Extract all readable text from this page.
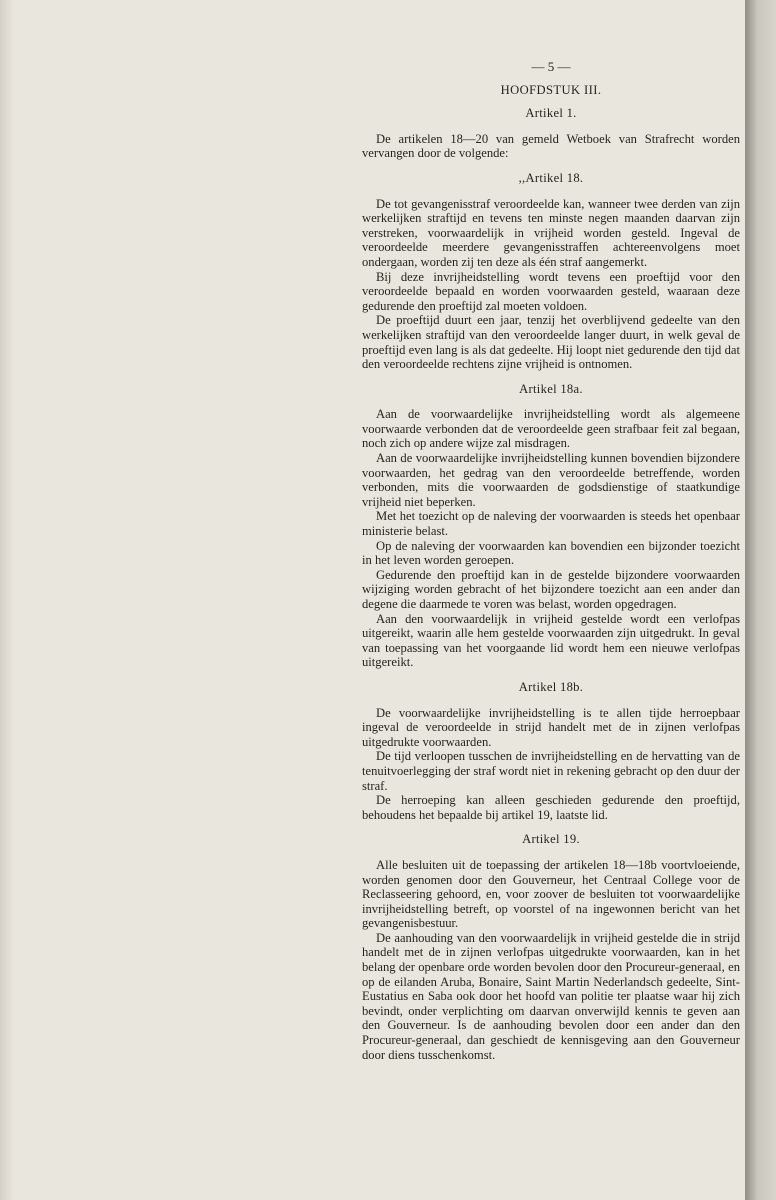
— 5 —
HOOFDSTUK III.
Artikel 1.

De artikelen 18—20 van gemeld Wetboek van Strafrecht worden vervangen door de volgende:

,,Artikel 18.

De tot gevangenisstraf veroordeelde kan, wanneer twee derden van zijn werkelijken straftijd en tevens ten minste negen maanden daarvan zijn verstreken, voorwaardelijk in vrijheid worden gesteld. Ingeval de veroordeelde meerdere gevangenisstraffen achtereenvolgens moet ondergaan, worden zij ten deze als één straf aangemerkt.

Bij deze invrijheidstelling wordt tevens een proeftijd voor den veroordeelde bepaald en worden voorwaarden gesteld, waaraan deze gedurende den proeftijd zal moeten voldoen.

De proeftijd duurt een jaar, tenzij het overblijvend gedeelte van den werkelijken straftijd van den veroordeelde langer duurt, in welk geval de proeftijd even lang is als dat gedeelte. Hij loopt niet gedurende den tijd dat den veroordeelde rechtens zijne vrijheid is ontnomen.

Artikel 18a.

Aan de voorwaardelijke invrijheidstelling wordt als algemeene voorwaarde verbonden dat de veroordeelde geen strafbaar feit zal begaan, noch zich op andere wijze zal misdragen.

Aan de voorwaardelijke invrijheidstelling kunnen bovendien bijzondere voorwaarden, het gedrag van den veroordeelde betreffende, worden verbonden, mits die voorwaarden de godsdienstige of staatkundige vrijheid niet beperken.

Met het toezicht op de naleving der voorwaarden is steeds het openbaar ministerie belast.

Op de naleving der voorwaarden kan bovendien een bijzonder toezicht in het leven worden geroepen.

Gedurende den proeftijd kan in de gestelde bijzondere voorwaarden wijziging worden gebracht of het bijzondere toezicht aan een ander dan degene die daarmede te voren was belast, worden opgedragen.

Aan den voorwaardelijk in vrijheid gestelde wordt een verlofpas uitgereikt, waarin alle hem gestelde voorwaarden zijn uitgedrukt. In geval van toepassing van het voorgaande lid wordt hem een nieuwe verlofpas uitgereikt.

Artikel 18b.

De voorwaardelijke invrijheidstelling is te allen tijde herroepbaar ingeval de veroordeelde in strijd handelt met de in zijnen verlofpas uitgedrukte voorwaarden.

De tijd verloopen tusschen de invrijheidstelling en de hervatting van de tenuitvoerlegging der straf wordt niet in rekening gebracht op den duur der straf.

De herroeping kan alleen geschieden gedurende den proeftijd, behoudens het bepaalde bij artikel 19, laatste lid.

Artikel 19.

Alle besluiten uit de toepassing der artikelen 18—18b voortvloeiende, worden genomen door den Gouverneur, het Centraal College voor de Reclasseering gehoord, en, voor zoover de besluiten tot voorwaardelijke invrijheidstelling betreft, op voorstel of na ingewonnen bericht van het gevangenisbestuur.

De aanhouding van den voorwaardelijk in vrijheid gestelde die in strijd handelt met de in zijnen verlofpas uitgedrukte voorwaarden, kan in het belang der openbare orde worden bevolen door den Procureur-generaal, en op de eilanden Aruba, Bonaire, Saint Martin Nederlandsch gedeelte, Sint-Eustatius en Saba ook door het hoofd van politie ter plaatse waar hij zich bevindt, onder verplichting om daarvan onverwijld kennis te geven aan den Gouverneur. Is de aanhouding bevolen door een ander dan den Procureur-generaal, dan geschiedt de kennisgeving aan den Gouverneur door diens tusschenkomst.
